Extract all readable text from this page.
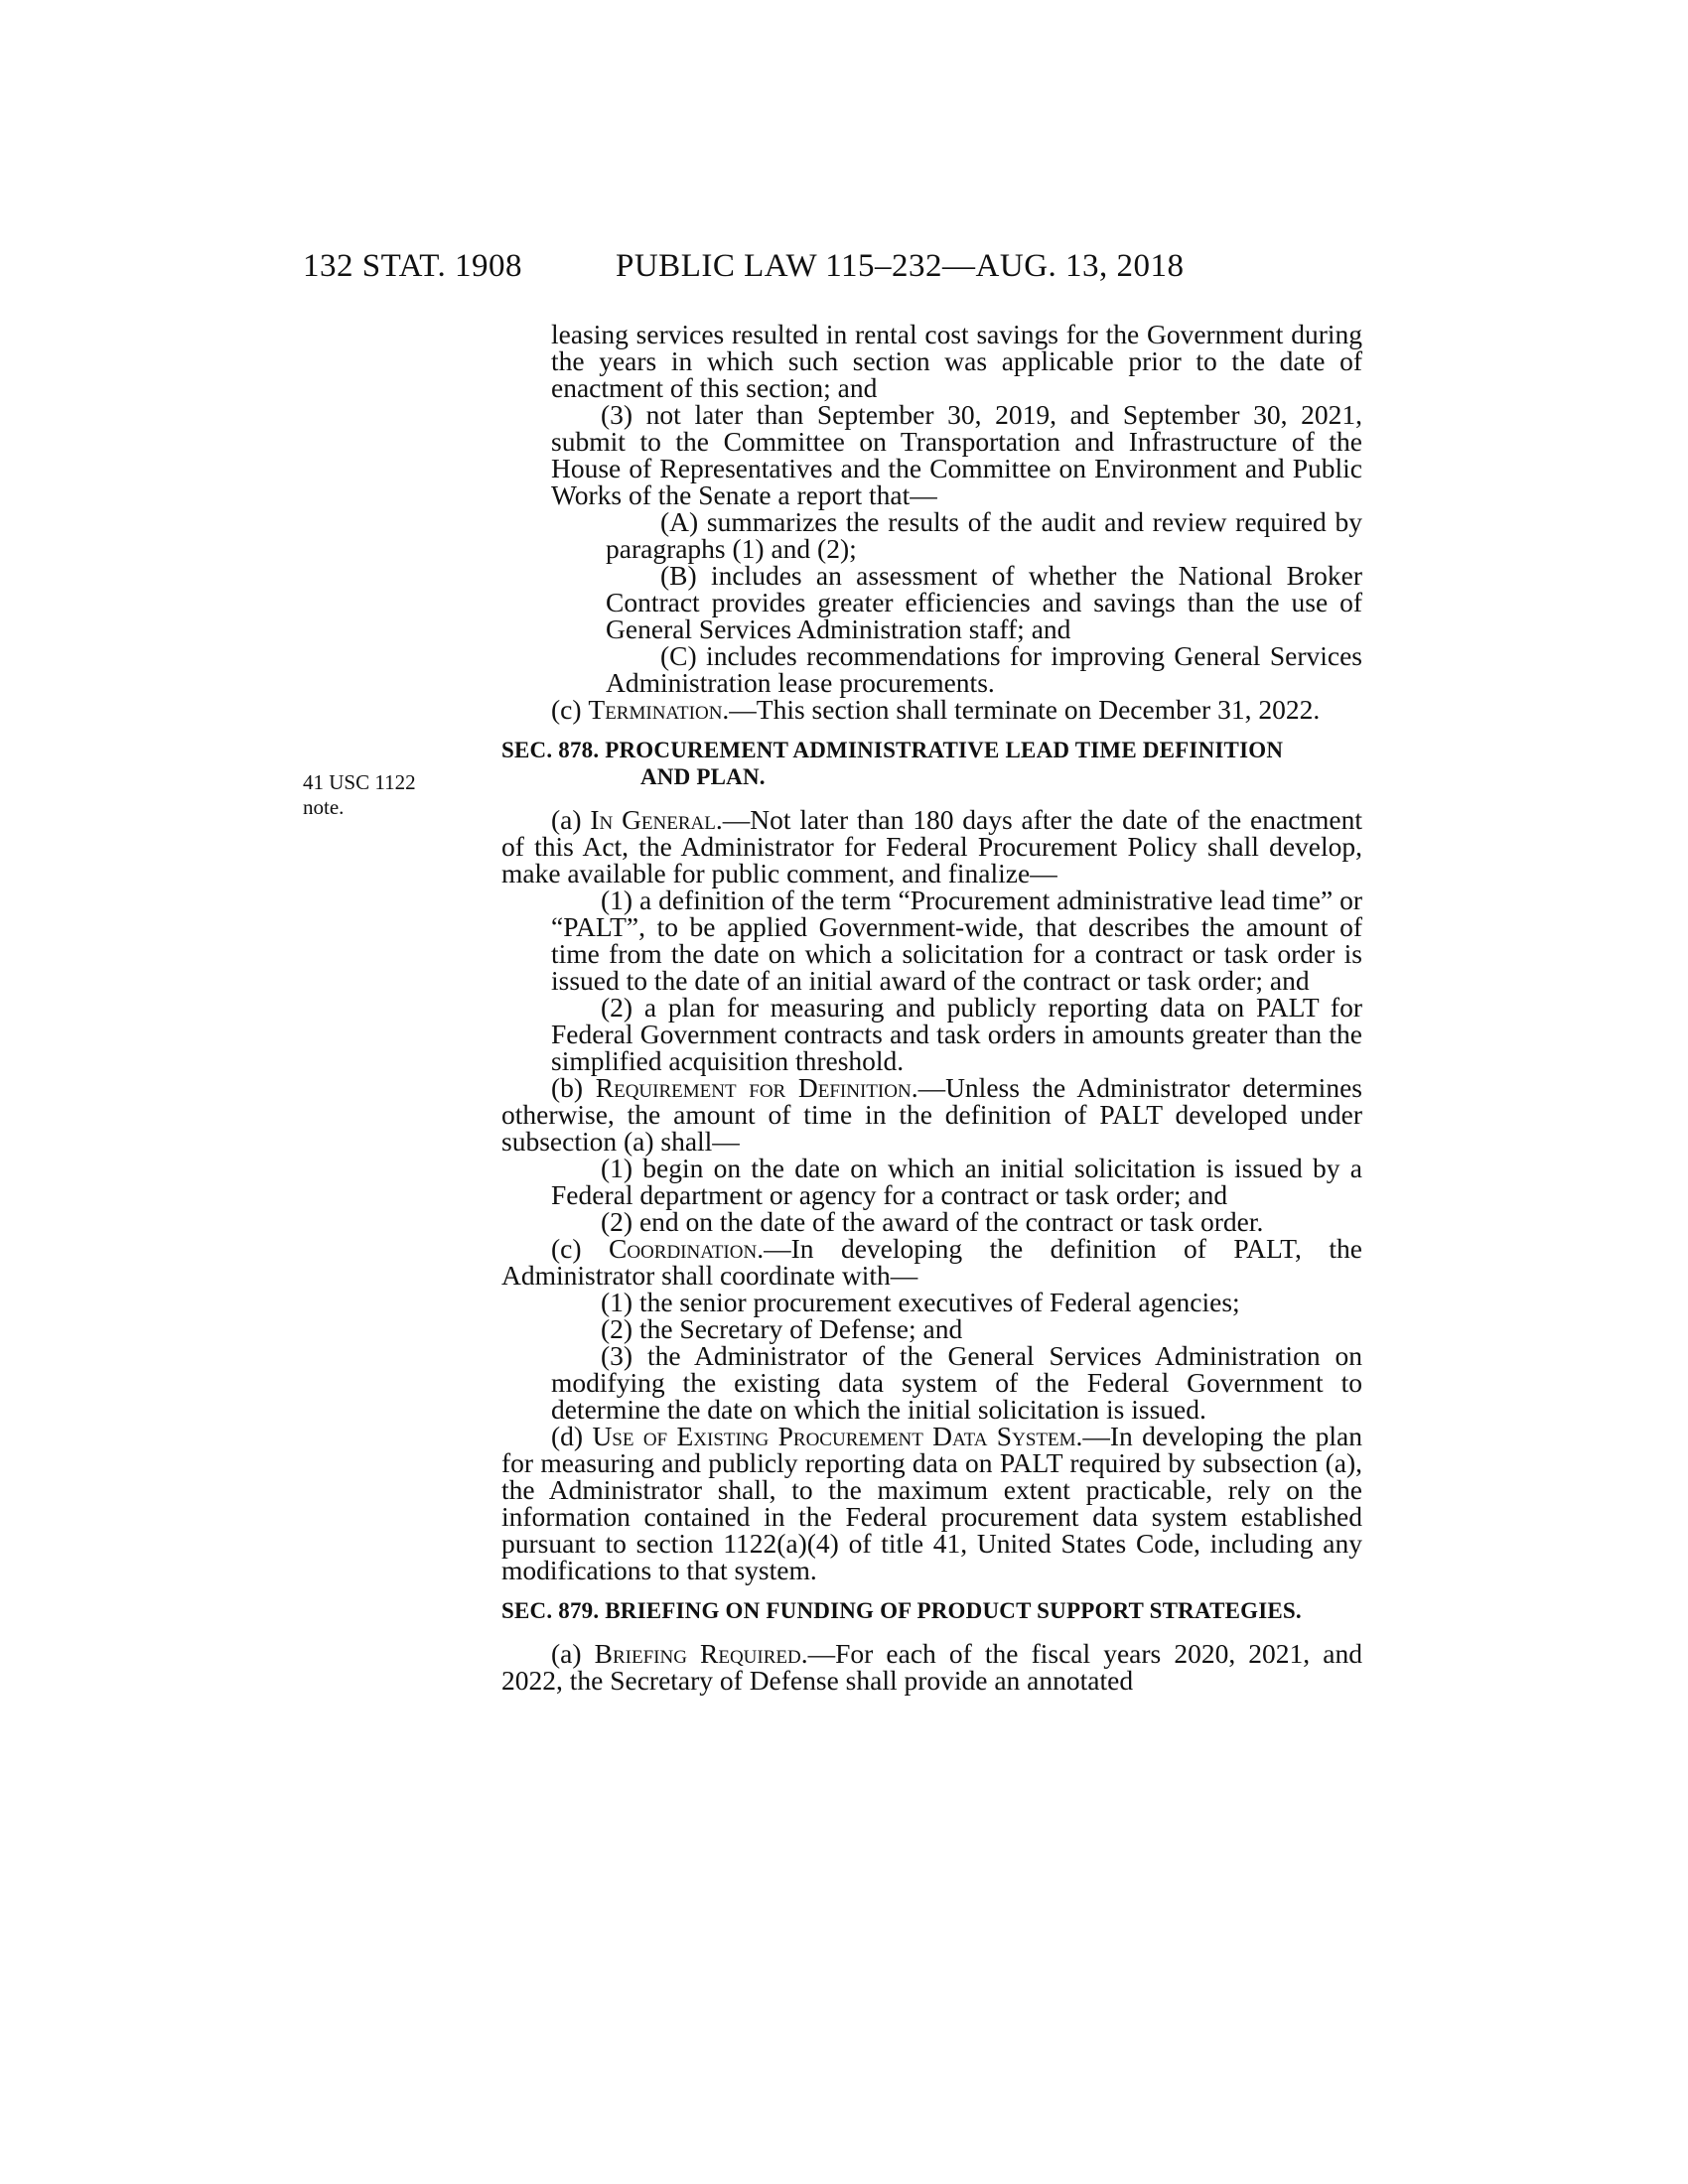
132 STAT. 1908	PUBLIC LAW 115–232—AUG. 13, 2018
41 USC 1122
note.

leasing services resulted in rental cost savings for the Government during the years in which such section was applicable prior to the date of enactment of this section; and

(3) not later than September 30, 2019, and September 30, 2021, submit to the Committee on Transportation and Infrastructure of the House of Representatives and the Committee on Environment and Public Works of the Senate a report that—

(A) summarizes the results of the audit and review required by paragraphs (1) and (2);

(B) includes an assessment of whether the National Broker Contract provides greater efficiencies and savings than the use of General Services Administration staff; and

(C) includes recommendations for improving General Services Administration lease procurements.

(c) Termination.—This section shall terminate on December 31, 2022.

SEC. 878. PROCUREMENT ADMINISTRATIVE LEAD TIME DEFINITION
AND PLAN.

(a) In General.—Not later than 180 days after the date of the enactment of this Act, the Administrator for Federal Procurement Policy shall develop, make available for public comment, and finalize—

(1) a definition of the term “Procurement administrative lead time” or “PALT”, to be applied Government-wide, that describes the amount of time from the date on which a solicitation for a contract or task order is issued to the date of an initial award of the contract or task order; and

(2) a plan for measuring and publicly reporting data on PALT for Federal Government contracts and task orders in amounts greater than the simplified acquisition threshold.

(b) Requirement for Definition.—Unless the Administrator determines otherwise, the amount of time in the definition of PALT developed under subsection (a) shall—

(1) begin on the date on which an initial solicitation is issued by a Federal department or agency for a contract or task order; and

(2) end on the date of the award of the contract or task order.

(c) Coordination.—In developing the definition of PALT, the Administrator shall coordinate with—

(1) the senior procurement executives of Federal agencies;

(2) the Secretary of Defense; and

(3) the Administrator of the General Services Administration on modifying the existing data system of the Federal Government to determine the date on which the initial solicitation is issued.

(d) Use of Existing Procurement Data System.—In developing the plan for measuring and publicly reporting data on PALT required by subsection (a), the Administrator shall, to the maximum extent practicable, rely on the information contained in the Federal procurement data system established pursuant to section 1122(a)(4) of title 41, United States Code, including any modifications to that system.

SEC. 879. BRIEFING ON FUNDING OF PRODUCT SUPPORT STRATEGIES.

(a) Briefing Required.—For each of the fiscal years 2020, 2021, and 2022, the Secretary of Defense shall provide an annotated
